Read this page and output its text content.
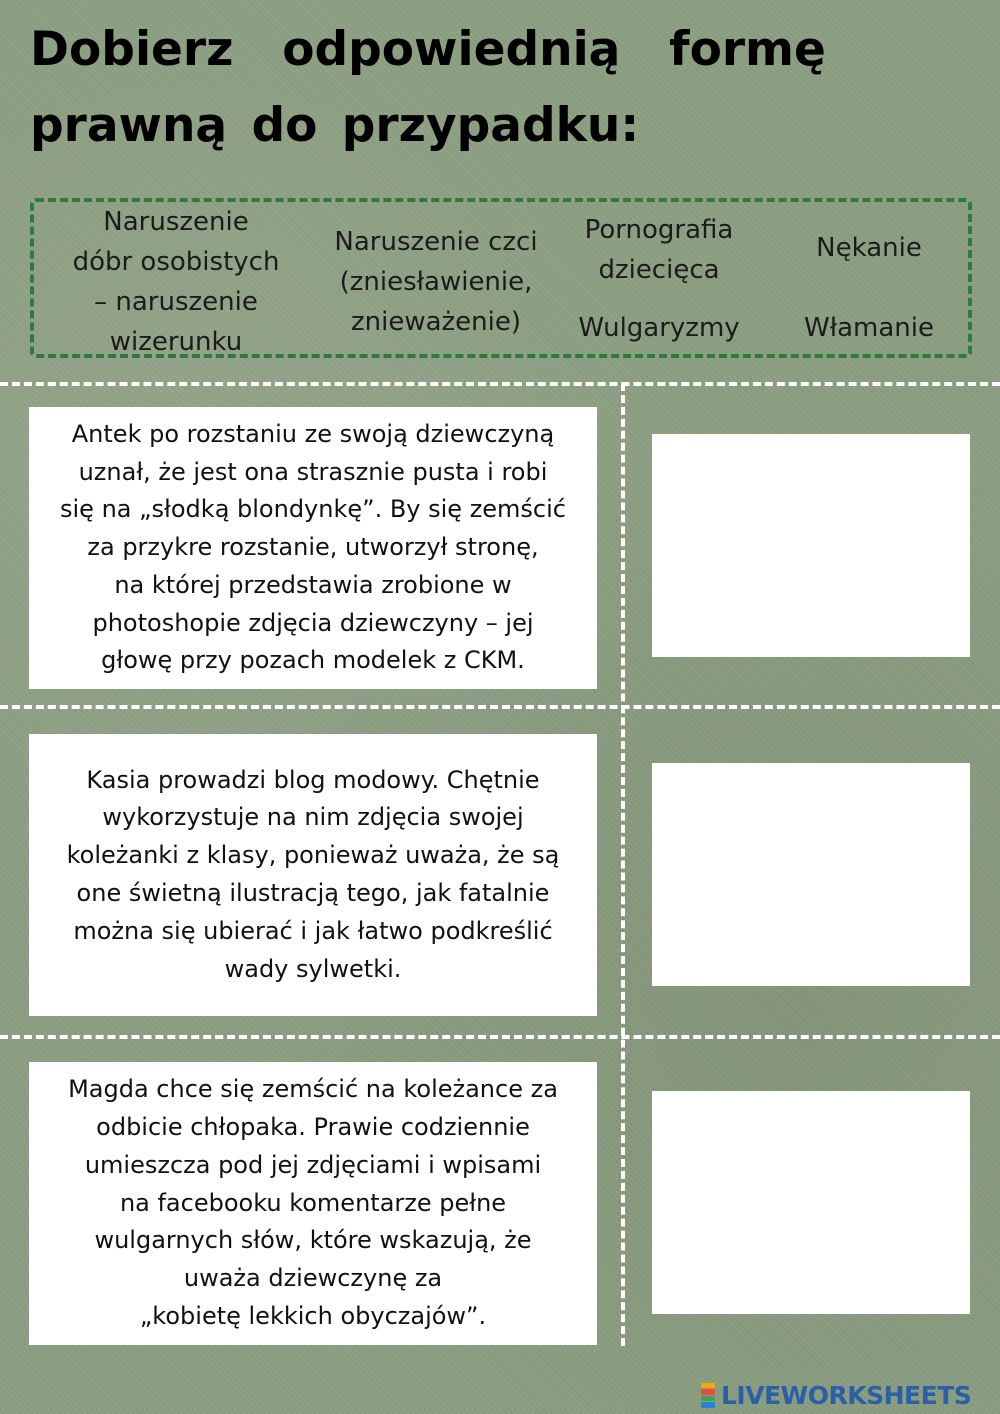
Dobierz  odpowiednią  formę
prawną do przypadku:
Naruszenie
dóbr osobistych
– naruszenie
wizerunku
Naruszenie czci
(zniesławienie,
znieważenie)
Pornografia
dziecięca
Nękanie
Wulgaryzmy	Włamanie

Antek po rozstaniu ze swoją dziewczyną
uznał, że jest ona strasznie pusta i robi
się na „słodką blondynkę”. By się zemścić
za przykre rozstanie, utworzył stronę,
na której przedstawia zrobione w
photoshopie zdjęcia dziewczyny – jej
głowę przy pozach modelek z CKM.

Kasia prowadzi blog modowy. Chętnie
wykorzystuje na nim zdjęcia swojej
koleżanki z klasy, ponieważ uważa, że są
one świetną ilustracją tego, jak fatalnie
można się ubierać i jak łatwo podkreślić
wady sylwetki.

Magda chce się zemścić na koleżance za
odbicie chłopaka. Prawie codziennie
umieszcza pod jej zdjęciami i wpisami
na facebooku komentarze pełne
wulgarnych słów, które wskazują, że
uważa dziewczynę za
„kobietę lekkich obyczajów”.

LIVEWORKSHEETS
